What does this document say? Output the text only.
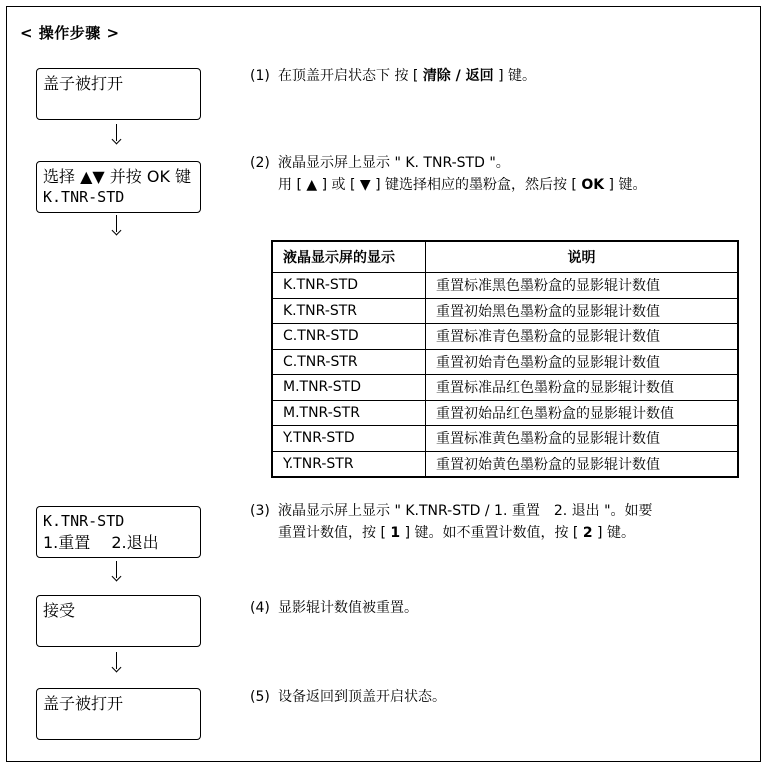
< 操作步骤 >
盖子被打开
选择 ▲▼ 并按 OK 键
K.TNR-STD
K.TNR-STD
1.重置　 2.退出
接受
盖子被打开
(1) 在顶盖开启状态下 按 [ 清除 / 返回 ] 键。
(2) 液晶显示屏上显示 " K. TNR-STD "。
用 [ ▲ ] 或 [ ▼ ] 键选择相应的墨粉盒，然后按 [ OK ] 键。
液晶显示屏的显示	说明
K.TNR-STD	重置标准黑色墨粉盒的显影辊计数值
K.TNR-STR	重置初始黑色墨粉盒的显影辊计数值
C.TNR-STD	重置标准青色墨粉盒的显影辊计数值
C.TNR-STR	重置初始青色墨粉盒的显影辊计数值
M.TNR-STD	重置标准品红色墨粉盒的显影辊计数值
M.TNR-STR	重置初始品红色墨粉盒的显影辊计数值
Y.TNR-STD	重置标准黄色墨粉盒的显影辊计数值
Y.TNR-STR	重置初始黄色墨粉盒的显影辊计数值
(3) 液晶显示屏上显示 " K.TNR-STD / 1. 重置　2. 退出 "。如要
重置计数值，按 [ 1 ] 键。如不重置计数值，按 [ 2 ] 键。
(4) 显影辊计数值被重置。
(5) 设备返回到顶盖开启状态。
